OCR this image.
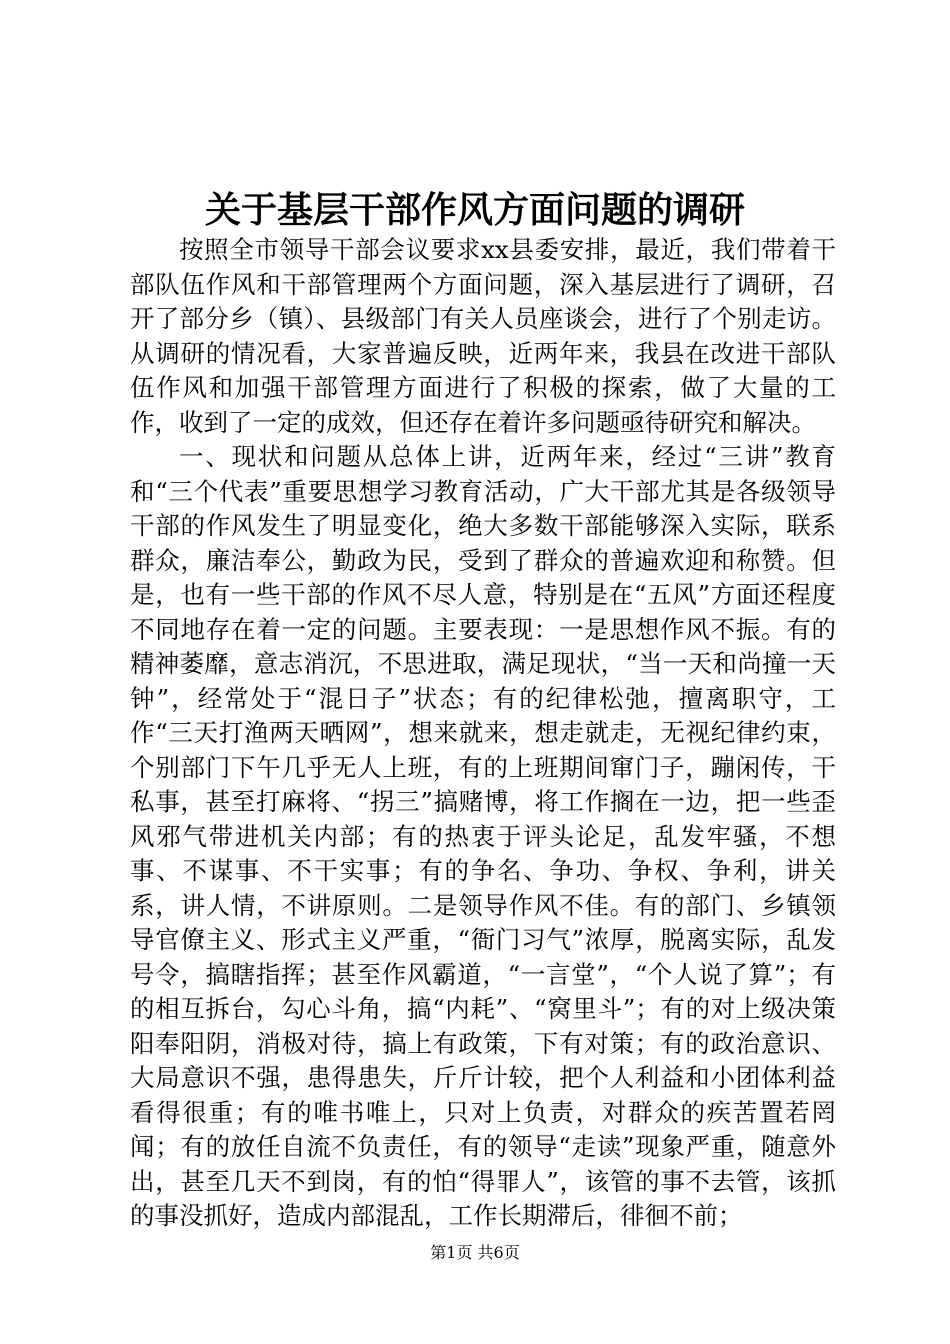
关于基层干部作风方面问题的调研

按照全市领导干部会议要求xx县委安排，最近，我们带着干部队伍作风和干部管理两个方面问题，深入基层进行了调研，召开了部分乡（镇）、县级部门有关人员座谈会，进行了个别走访。从调研的情况看，大家普遍反映，近两年来，我县在改进干部队伍作风和加强干部管理方面进行了积极的探索，做了大量的工作，收到了一定的成效，但还存在着许多问题亟待研究和解决。

一、现状和问题从总体上讲，近两年来，经过“三讲”教育和“三个代表”重要思想学习教育活动，广大干部尤其是各级领导干部的作风发生了明显变化，绝大多数干部能够深入实际，联系群众，廉洁奉公，勤政为民，受到了群众的普遍欢迎和称赞。但是，也有一些干部的作风不尽人意，特别是在“五风”方面还程度不同地存在着一定的问题。主要表现：一是思想作风不振。有的精神萎靡，意志消沉，不思进取，满足现状，“当一天和尚撞一天钟”，经常处于“混日子”状态；有的纪律松弛，擅离职守，工作“三天打渔两天晒网”，想来就来，想走就走，无视纪律约束，个别部门下午几乎无人上班，有的上班期间窜门子，蹦闲传，干私事，甚至打麻将、“拐三”搞赌博，将工作搁在一边，把一些歪风邪气带进机关内部；有的热衷于评头论足，乱发牢骚，不想事、不谋事、不干实事；有的争名、争功、争权、争利，讲关系，讲人情，不讲原则。二是领导作风不佳。有的部门、乡镇领导官僚主义、形式主义严重，“衙门习气”浓厚，脱离实际，乱发号令，搞瞎指挥；甚至作风霸道，“一言堂”，“个人说了算”；有的相互拆台，勾心斗角，搞“内耗”、“窝里斗”；有的对上级决策阳奉阳阴，消极对待，搞上有政策，下有对策；有的政治意识、大局意识不强，患得患失，斤斤计较，把个人利益和小团体利益看得很重；有的唯书唯上，只对上负责，对群众的疾苦置若罔闻；有的放任自流不负责任，有的领导“走读”现象严重，随意外出，甚至几天不到岗，有的怕“得罪人”，该管的事不去管，该抓的事没抓好，造成内部混乱，工作长期滞后，徘徊不前；

第1页 共6页
